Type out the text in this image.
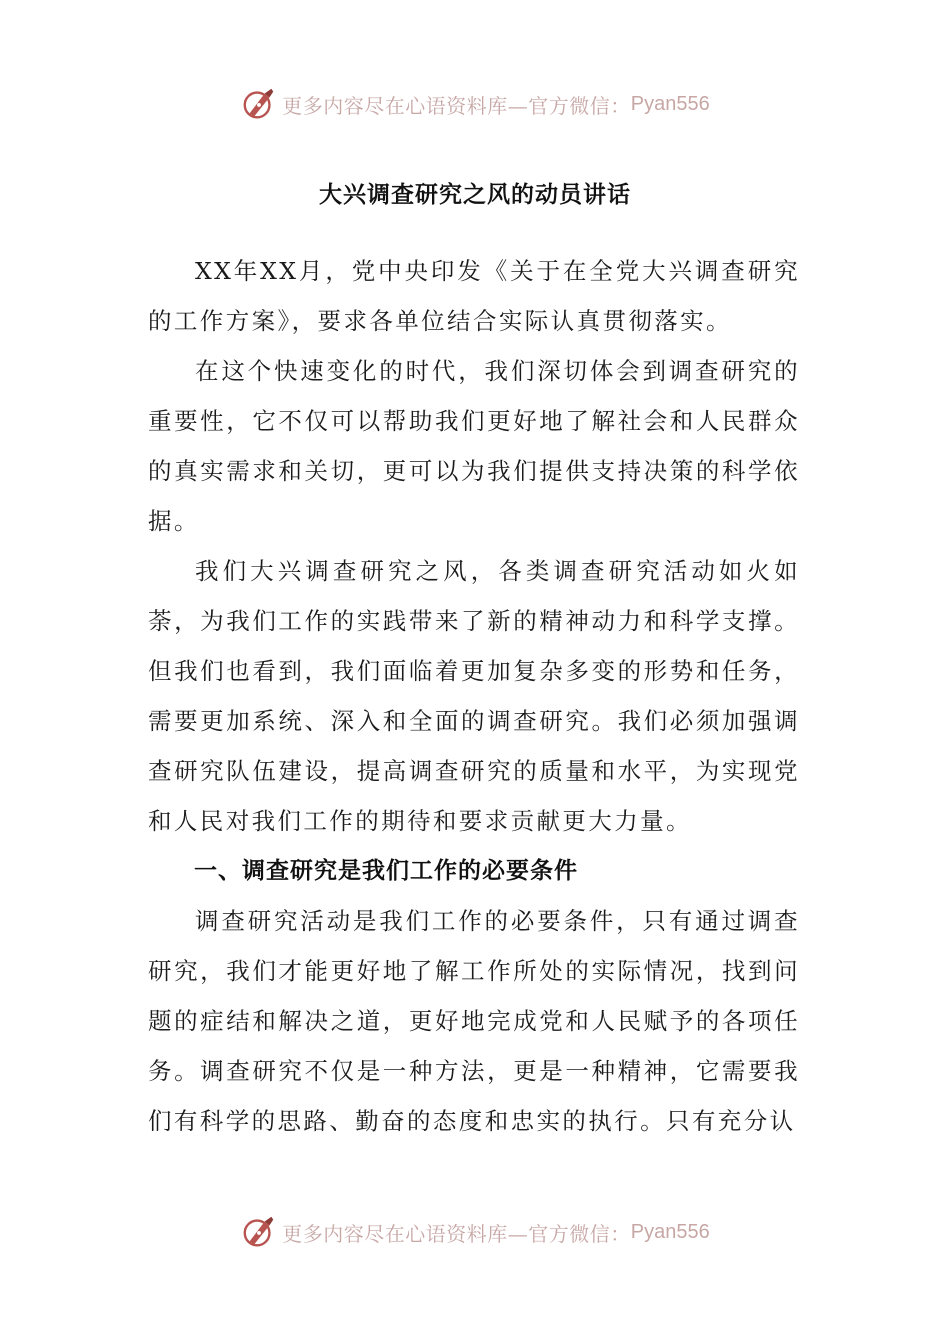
更多内容尽在心语资料库—官方微信： Pyan556
大兴调查研究之风的动员讲话

XX年XX月，党中央印发《关于在全党大兴调查研究的工作方案》，要求各单位结合实际认真贯彻落实。

在这个快速变化的时代，我们深切体会到调查研究的重要性，它不仅可以帮助我们更好地了解社会和人民群众的真实需求和关切，更可以为我们提供支持决策的科学依据。

我们大兴调查研究之风，各类调查研究活动如火如荼，为我们工作的实践带来了新的精神动力和科学支撑。但我们也看到，我们面临着更加复杂多变的形势和任务，需要更加系统、深入和全面的调查研究。我们必须加强调查研究队伍建设，提高调查研究的质量和水平，为实现党和人民对我们工作的期待和要求贡献更大力量。

一、调查研究是我们工作的必要条件

调查研究活动是我们工作的必要条件，只有通过调查研究，我们才能更好地了解工作所处的实际情况，找到问题的症结和解决之道，更好地完成党和人民赋予的各项任务。调查研究不仅是一种方法，更是一种精神，它需要我们有科学的思路、勤奋的态度和忠实的执行。只有充分认

更多内容尽在心语资料库—官方微信： Pyan556
